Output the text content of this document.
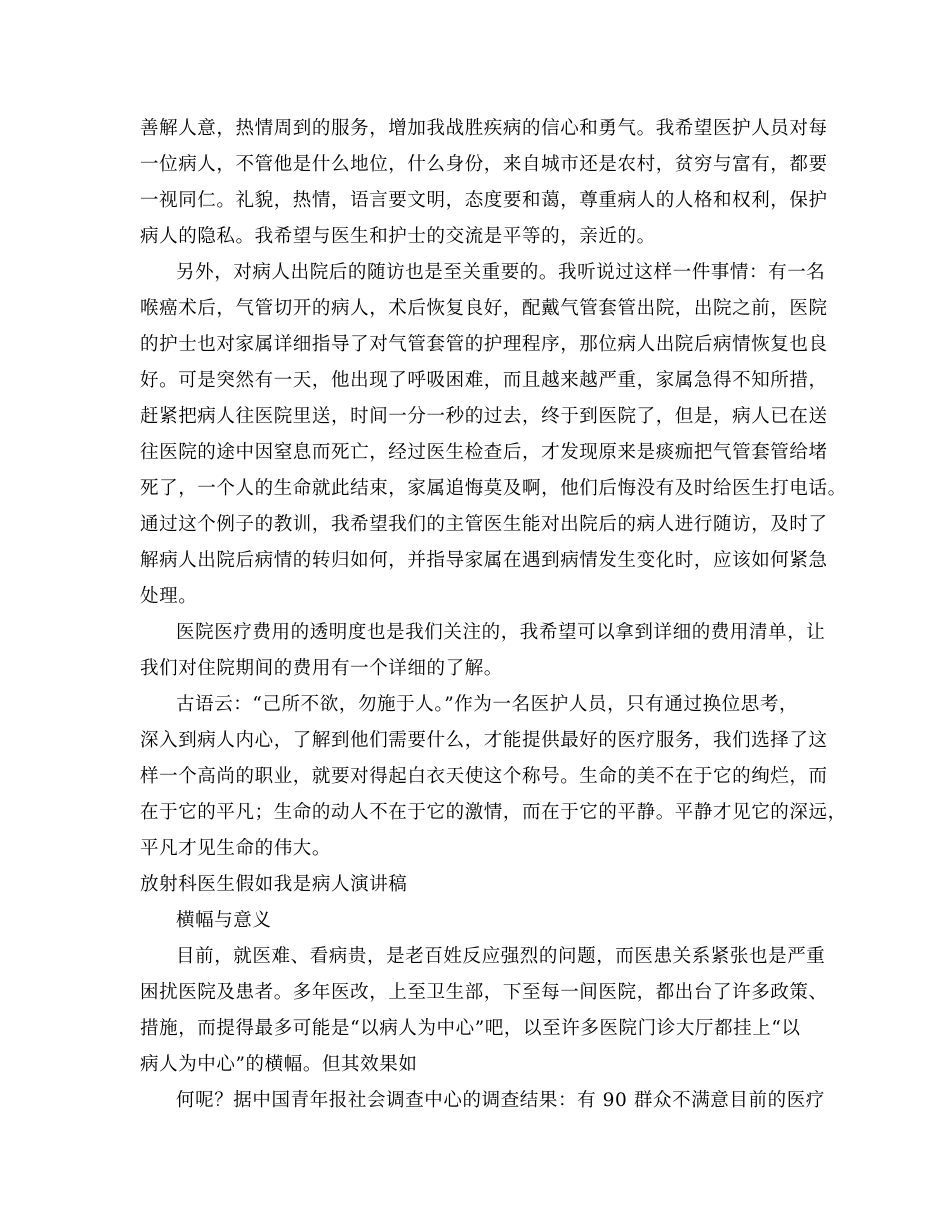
善解人意，热情周到的服务，增加我战胜疾病的信心和勇气。我希望医护人员对每
一位病人，不管他是什么地位，什么身份，来自城市还是农村，贫穷与富有，都要
一视同仁。礼貌，热情，语言要文明，态度要和蔼，尊重病人的人格和权利，保护
病人的隐私。我希望与医生和护士的交流是平等的，亲近的。
另外，对病人出院后的随访也是至关重要的。我听说过这样一件事情：有一名
喉癌术后，气管切开的病人，术后恢复良好，配戴气管套管出院，出院之前，医院
的护士也对家属详细指导了对气管套管的护理程序，那位病人出院后病情恢复也良
好。可是突然有一天，他出现了呼吸困难，而且越来越严重，家属急得不知所措，
赶紧把病人往医院里送，时间一分一秒的过去，终于到医院了，但是，病人已在送
往医院的途中因窒息而死亡，经过医生检查后，才发现原来是痰痂把气管套管给堵
死了，一个人的生命就此结束，家属追悔莫及啊，他们后悔没有及时给医生打电话。
通过这个例子的教训，我希望我们的主管医生能对出院后的病人进行随访，及时了
解病人出院后病情的转归如何，并指导家属在遇到病情发生变化时，应该如何紧急
处理。
医院医疗费用的透明度也是我们关注的，我希望可以拿到详细的费用清单，让
我们对住院期间的费用有一个详细的了解。
古语云：“己所不欲，勿施于人。”作为一名医护人员，只有通过换位思考，
深入到病人内心，了解到他们需要什么，才能提供最好的医疗服务，我们选择了这
样一个高尚的职业，就要对得起白衣天使这个称号。生命的美不在于它的绚烂，而
在于它的平凡；生命的动人不在于它的激情，而在于它的平静。平静才见它的深远，
平凡才见生命的伟大。
放射科医生假如我是病人演讲稿
横幅与意义
目前，就医难、看病贵，是老百姓反应强烈的问题，而医患关系紧张也是严重
困扰医院及患者。多年医改，上至卫生部，下至每一间医院，都出台了许多政策、
措施，而提得最多可能是“以病人为中心”吧，以至许多医院门诊大厅都挂上“以
病人为中心”的横幅。但其效果如
何呢？据中国青年报社会调查中心的调查结果：有 90 群众不满意目前的医疗
